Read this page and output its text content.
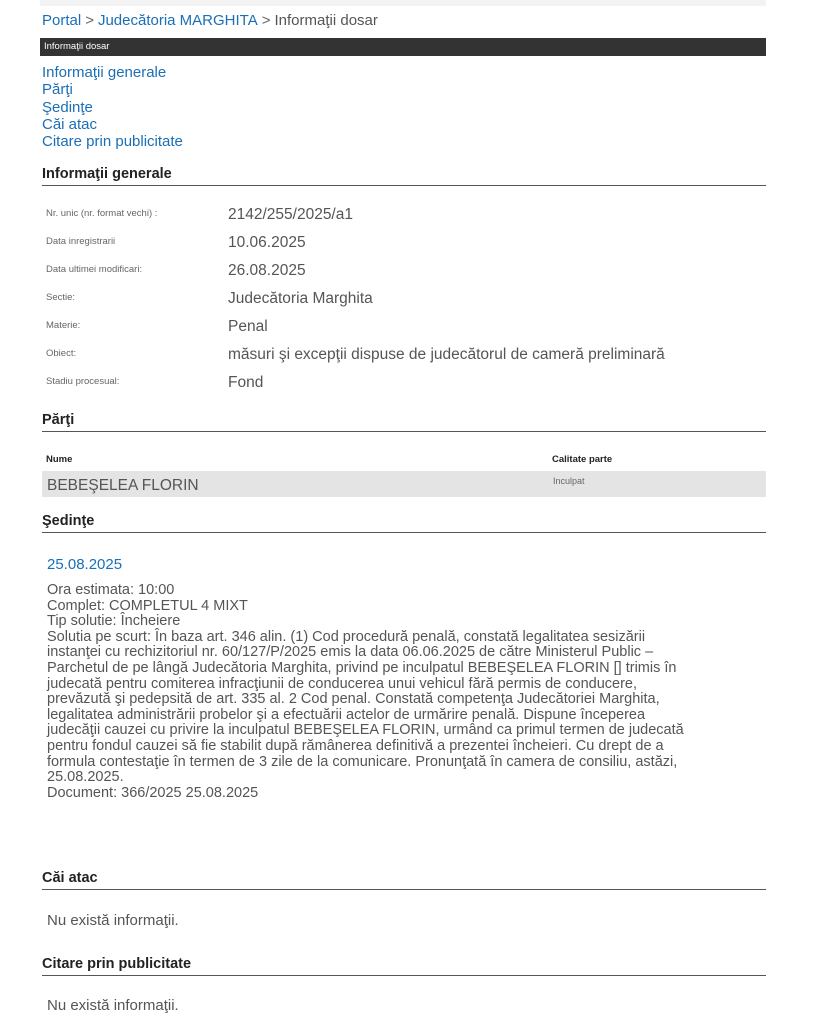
Portal > Judecătoria MARGHITA > Informaţii dosar
Informaţii dosar
Informaţii generale
Părţi
Şedinţe
Căi atac
Citare prin publicitate
Informaţii generale
Nr. unic (nr. format vechi) :	2142/255/2025/a1
Data inregistrarii	10.06.2025
Data ultimei modificari:	26.08.2025
Sectie:	Judecătoria Marghita
Materie:	Penal
Obiect:	măsuri şi excepţii dispuse de judecătorul de cameră preliminară
Stadiu procesual:	Fond
Părţi
Nume	Calitate parte
BEBEŞELEA FLORIN	Inculpat
Şedinţe
25.08.2025
Ora estimata: 10:00
Complet: COMPLETUL 4 MIXT
Tip solutie: Încheiere
Solutia pe scurt: În baza art. 346 alin. (1) Cod procedură penală, constată legalitatea sesizării
instanţei cu rechizitoriul nr. 60/127/P/2025 emis la data 06.06.2025 de către Ministerul Public –
Parchetul de pe lângă Judecătoria Marghita, privind pe inculpatul BEBEŞELEA FLORIN [] trimis în
judecată pentru comiterea infracţiunii de conducerea unui vehicul fără permis de conducere,
prevăzută şi pedepsită de art. 335 al. 2 Cod penal. Constată competenţa Judecătoriei Marghita,
legalitatea administrării probelor şi a efectuării actelor de urmărire penală. Dispune începerea
judecăţii cauzei cu privire la inculpatul BEBEŞELEA FLORIN, urmând ca primul termen de judecată
pentru fondul cauzei să fie stabilit după rămânerea definitivă a prezentei încheieri. Cu drept de a
formula contestaţie în termen de 3 zile de la comunicare. Pronunţată în camera de consiliu, astăzi,
25.08.2025.
Document: 366/2025 25.08.2025
Căi atac
Nu există informaţii.
Citare prin publicitate
Nu există informaţii.
